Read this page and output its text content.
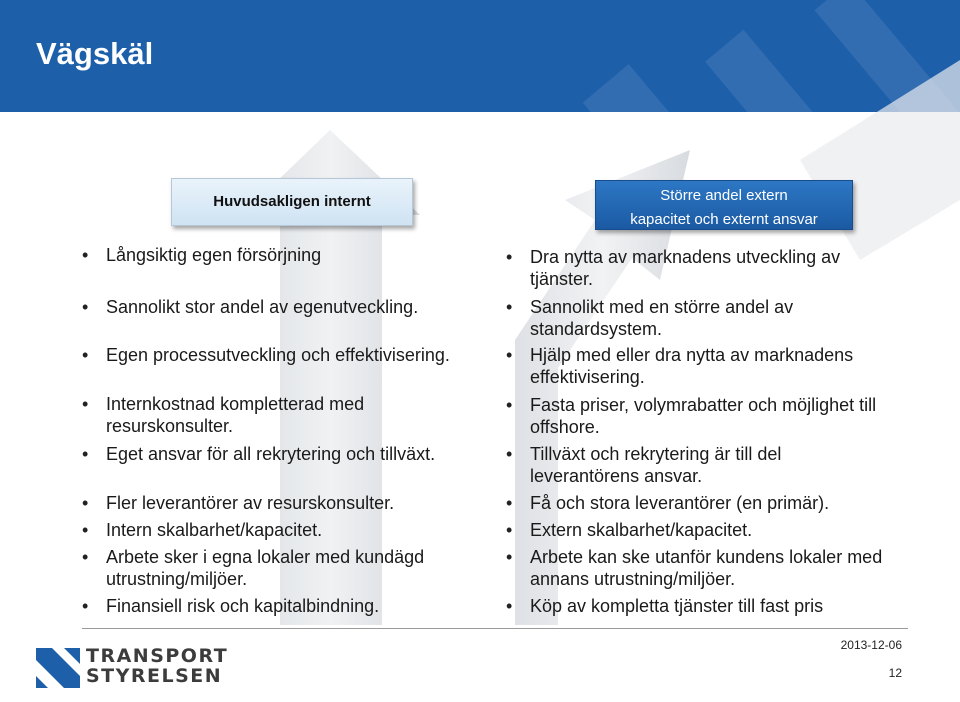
Vägskäl
Huvudsakligen internt	Större andel extern
kapacitet och externt ansvar
• Långsiktig egen försörjning
• Sannolikt stor andel av egenutveckling.
• Egen processutveckling och effektivisering.
• Internkostnad kompletterad med
resurskonsulter.
• Eget ansvar för all rekrytering och tillväxt.
• Fler leverantörer av resurskonsulter.
• Intern skalbarhet/kapacitet.
• Arbete sker i egna lokaler med kundägd
utrustning/miljöer.
• Finansiell risk och kapitalbindning.
• Dra nytta av marknadens utveckling av
tjänster.
• Sannolikt med en större andel av
standardsystem.
• Hjälp med eller dra nytta av marknadens
effektivisering.
• Fasta priser, volymrabatter och möjlighet till
offshore.
• Tillväxt och rekrytering är till del
leverantörens ansvar.
• Få och stora leverantörer (en primär).
• Extern skalbarhet/kapacitet.
• Arbete kan ske utanför kundens lokaler med
annans utrustning/miljöer.
• Köp av kompletta tjänster till fast pris
TRANSPORT
STYRELSEN
2013-12-06
12
